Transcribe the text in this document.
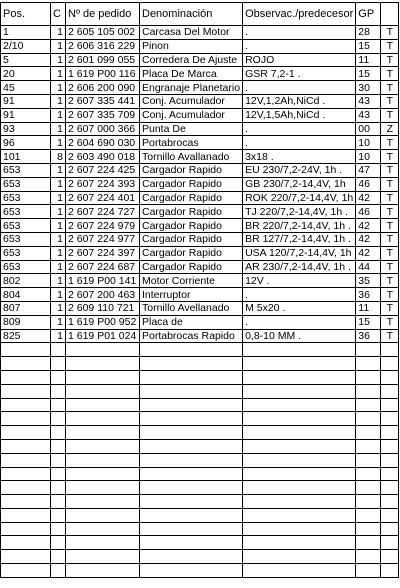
Pos.	C	Nº de pedido	Denominación	Observac./predecesor	GP	
1	1	2 605 105 002	Carcasa Del Motor	.	28	T
2/10	1	2 606 316 229	Pinon	.	15	T
5	1	2 601 099 055	Corredera De Ajuste	ROJO	11	T
20	1	1 619 P00 116	Placa De Marca	GSR 7,2-1 .	15	T
45	1	2 606 200 090	Engranaje Planetario	.	30	T
91	1	2 607 335 441	Conj. Acumulador	12V,1,2Ah,NiCd .	43	T
91	1	2 607 335 709	Conj. Acumulador	12V,1,5Ah,NiCd .	43	T
93	1	2 607 000 366	Punta De	.	00	Z
96	1	2 604 690 030	Portabrocas	.	10	T
101	8	2 603 490 018	Tornillo Avallanado	3x18 .	10	T
653	1	2 607 224 425	Cargador Rapido	EU 230/7,2-24V, 1h .	47	T
653	1	2 607 224 393	Cargador Rapido	GB 230/7,2-14,4V, 1h	46	T
653	1	2 607 224 401	Cargador Rapido	ROK 220/7,2-14,4V, 1h	42	T
653	1	2 607 224 727	Cargador Rapido	TJ 220/7,2-14,4V, 1h .	46	T
653	1	2 607 224 979	Cargador Rapido	BR 220/7,2-14,4V, 1h .	42	T
653	1	2 607 224 977	Cargador Rapido	BR 127/7,2-14,4V, 1h .	42	T
653	1	2 607 224 397	Cargador Rapido	USA 120/7,2-14,4V, 1h	42	T
653	1	2 607 224 687	Cargador Rapido	AR 230/7,2-14,4V, 1h .	44	T
802	1	1 619 P00 141	Motor Corriente	12V .	35	T
804	1	2 607 200 463	Interruptor	.	36	T
807	1	2 609 110 721	Tornillo Avellanado	M 5x20 .	11	T
809	1	1 619 P00 952	Placa de	.	15	T
825	1	1 619 P01 024	Portabrocas Rapido	0,8-10 MM .	36	T
